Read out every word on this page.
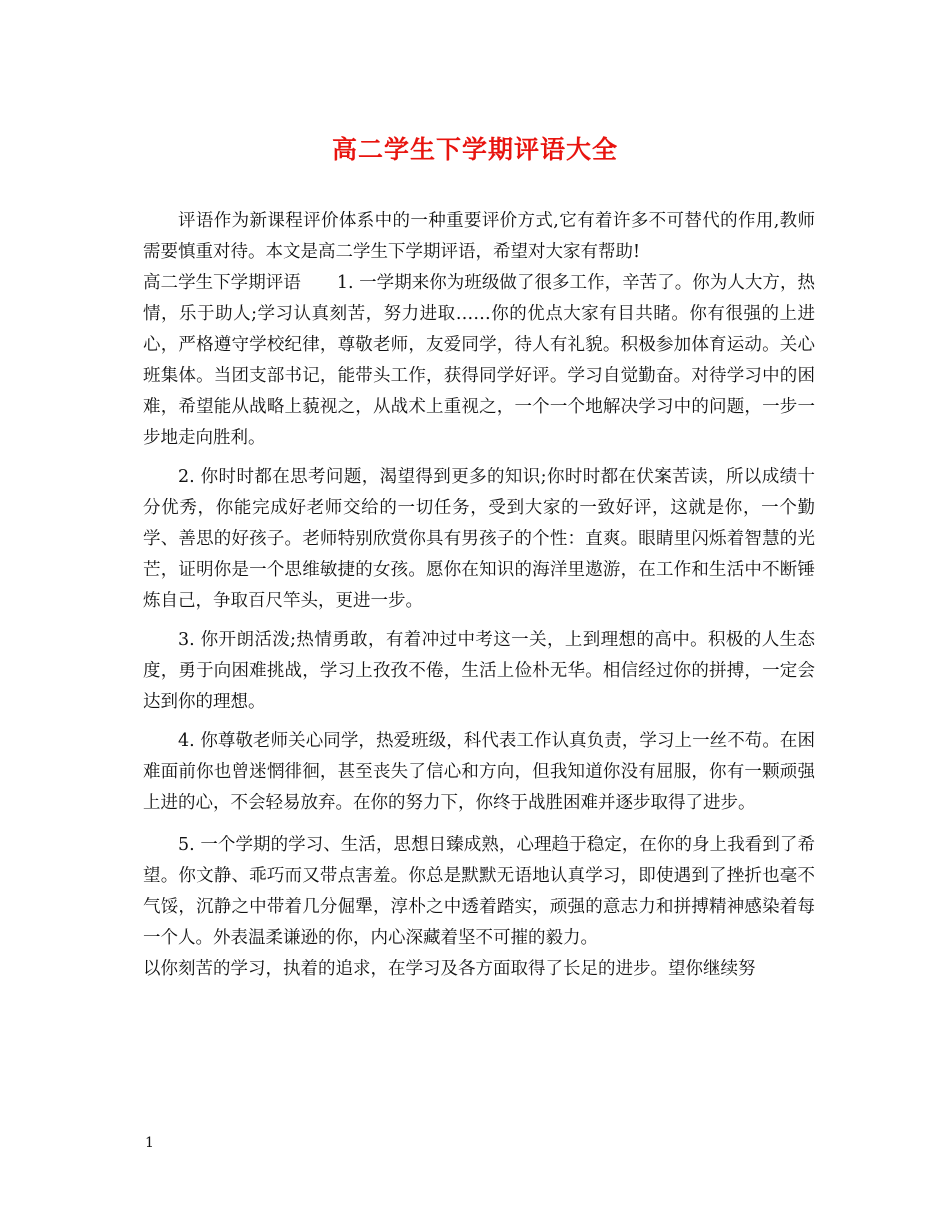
高二学生下学期评语大全

评语作为新课程评价体系中的一种重要评价方式,它有着许多不可替代的作用,教师需要慎重对待。本文是高二学生下学期评语，希望对大家有帮助!

高二学生下学期评语 1. 一学期来你为班级做了很多工作，辛苦了。你为人大方，热情，乐于助人;学习认真刻苦，努力进取……你的优点大家有目共睹。你有很强的上进心，严格遵守学校纪律，尊敬老师，友爱同学，待人有礼貌。积极参加体育运动。关心班集体。当团支部书记，能带头工作，获得同学好评。学习自觉勤奋。对待学习中的困难，希望能从战略上藐视之，从战术上重视之，一个一个地解决学习中的问题，一步一步地走向胜利。

2. 你时时都在思考问题，渴望得到更多的知识;你时时都在伏案苦读，所以成绩十分优秀，你能完成好老师交给的一切任务，受到大家的一致好评，这就是你，一个勤学、善思的好孩子。老师特别欣赏你具有男孩子的个性：直爽。眼睛里闪烁着智慧的光芒，证明你是一个思维敏捷的女孩。愿你在知识的海洋里遨游，在工作和生活中不断锤炼自己，争取百尺竿头，更进一步。

3. 你开朗活泼;热情勇敢，有着冲过中考这一关，上到理想的高中。积极的人生态度，勇于向困难挑战，学习上孜孜不倦，生活上俭朴无华。相信经过你的拼搏，一定会达到你的理想。

4. 你尊敬老师关心同学，热爱班级，科代表工作认真负责，学习上一丝不苟。在困难面前你也曾迷惘徘徊，甚至丧失了信心和方向，但我知道你没有屈服，你有一颗顽强上进的心，不会轻易放弃。在你的努力下，你终于战胜困难并逐步取得了进步。

5. 一个学期的学习、生活，思想日臻成熟，心理趋于稳定，在你的身上我看到了希望。你文静、乖巧而又带点害羞。你总是默默无语地认真学习，即使遇到了挫折也毫不气馁，沉静之中带着几分倔犟，淳朴之中透着踏实，顽强的意志力和拼搏精神感染着每一个人。外表温柔谦逊的你，内心深藏着坚不可摧的毅力。

以你刻苦的学习，执着的追求，在学习及各方面取得了长足的进步。望你继续努

1
